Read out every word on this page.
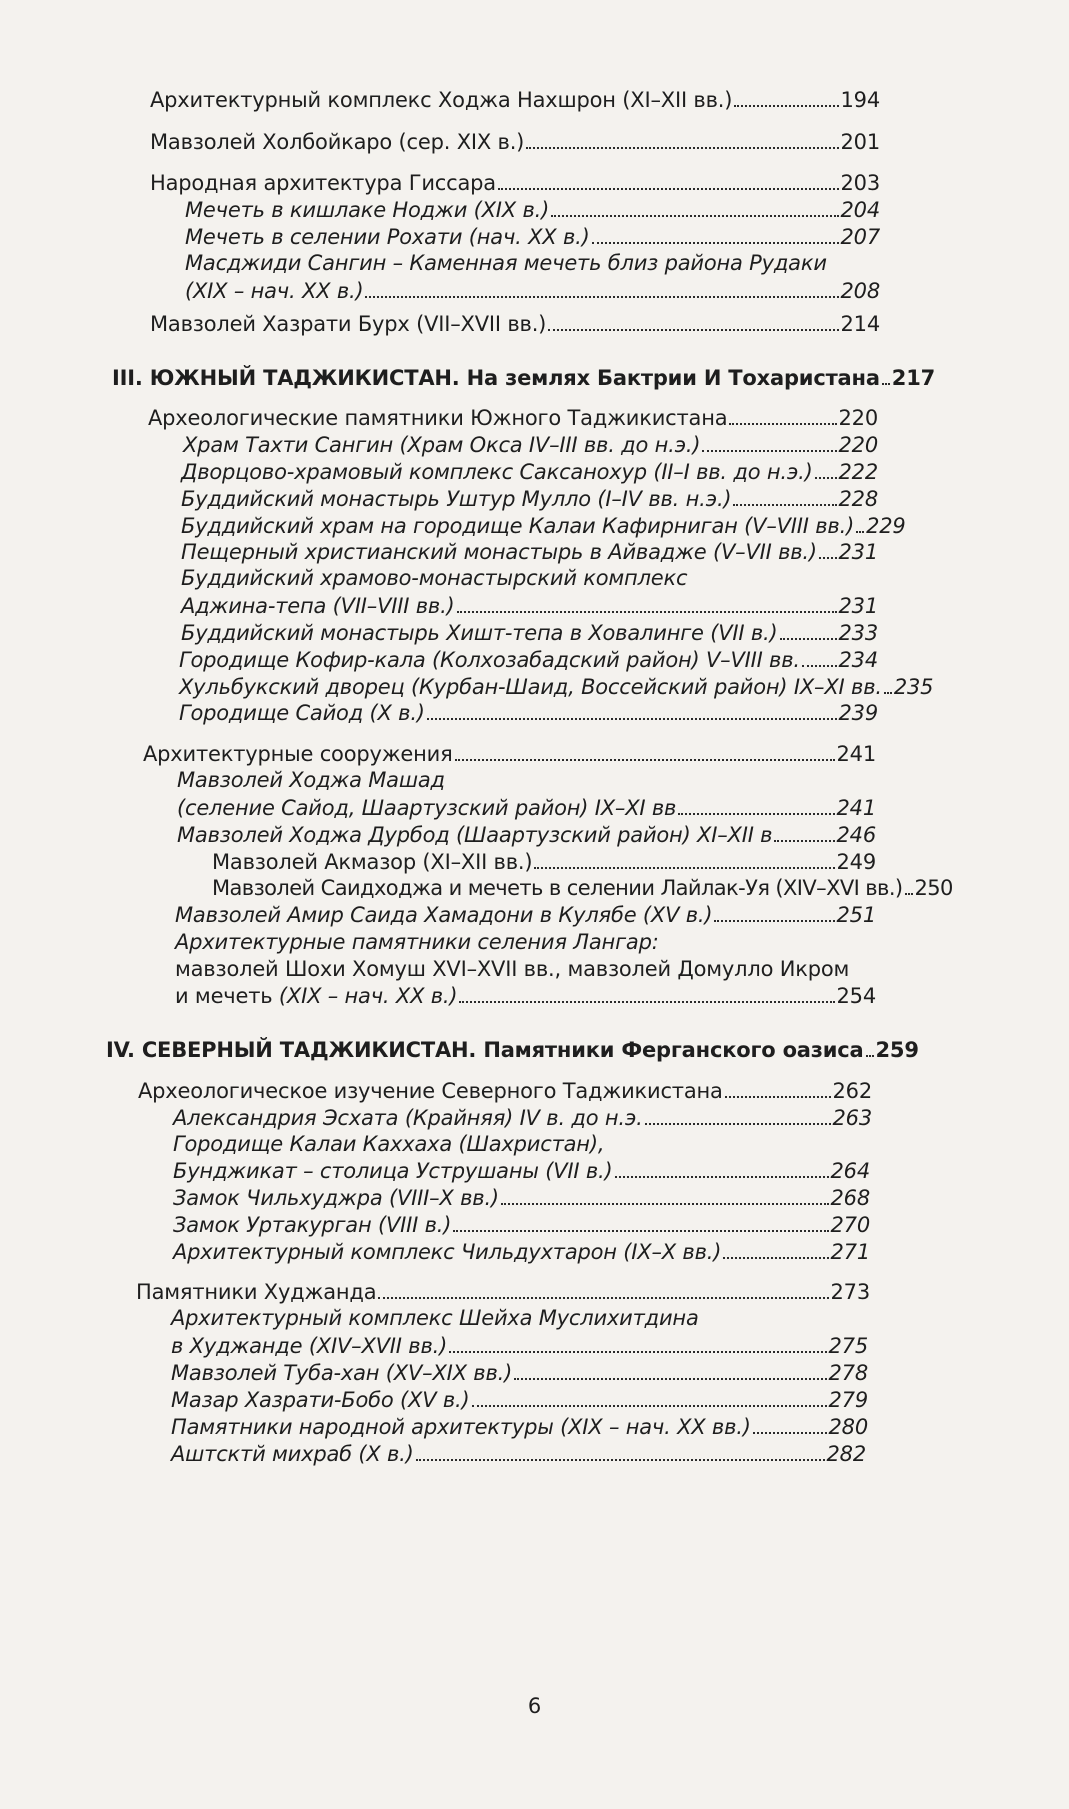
Архитектурный комплекс Ходжа Нахшрон (XI–XII вв.)	194
Мавзолей Холбойкаро (сер. XIX в.)	201
Народная архитектура Гиссара	203
Мечеть в кишлаке Ноджи (XIX в.)	204
Мечеть в селении Рохати (нач. XX в.)	207
Масджиди Сангин – Каменная мечеть близ района Рудаки
(XIX – нач. XX в.)	208
Мавзолей Хазрати Бурх (VII–XVII вв.)	214
III. ЮЖНЫЙ ТАДЖИКИСТАН. На землях Бактрии И Тохаристана 217
Археологические памятники Южного Таджикистана	220
Храм Тахти Сангин (Храм Окса IV–III вв. до н.э.)	220
Дворцово-храмовый комплекс Саксанохур (II–I вв. до н.э.) 222
Буддийский монастырь Уштур Мулло (I–IV вв. н.э.)	228
Буддийский храм на городище Калаи Кафирниган (V–VIII вв.) 229
Пещерный христианский монастырь в Айвадже (V–VII вв.) 231
Буддийский храмово-монастырский комплекс
Аджина-тепа (VII–VIII вв.)	231
Буддийский монастырь Хишт-тепа в Ховалинге (VII в.)	233
Городище Кофир-кала (Колхозабадский район) V–VIII вв. 234
Хульбукский дворец (Курбан-Шаид, Воссейский район) IX–XI вв. 235
Городище Сайод (X в.)	239
Архитектурные сооружения	241
Мавзолей Ходжа Машад
(селение Сайод, Шаартузский район) IX–XI вв	241
Мавзолей Ходжа Дурбод (Шаартузский район) XI–XII в	246
Мавзолей Акмазор (XI–XII вв.)	249
Мавзолей Саидходжа и мечеть в селении Лайлак-Уя (XIV–XVI вв.) 250
Мавзолей Амир Саида Хамадони в Кулябе (XV в.)	251
Архитектурные памятники селения Лангар:
мавзолей Шохи Хомуш XVI–XVII вв., мавзолей Домулло Икром
и мечеть
(XIX – нач. XX в.)	254
IV. СЕВЕРНЫЙ ТАДЖИКИСТАН. Памятники Ферганского оазиса 259
Археологическое изучение Северного Таджикистана	262
Александрия Эсхата (Крайняя) IV в. до н.э.	263
Городище Калаи Каххаха (Шахристан),
Бунджикат – столица Уструшаны (VII в.)	264
Замок Чильхуджра (VIII–X вв.)	268
Замок Уртакурган (VIII в.)	270
Архитектурный комплекс Чильдухтарон (IX–X вв.)	271
Памятники Худжанда	273
Архитектурный комплекс Шейха Муслихитдина
в Худжанде (XIV–XVII вв.)	275
Мавзолей Туба-хан (XV–XIX вв.)	278
Мазар Хазрати-Бобо (XV в.)	279
Памятники народной архитектуры (XIX – нач. XX вв.)	280
Аштсктй михраб (X в.)	282
6
